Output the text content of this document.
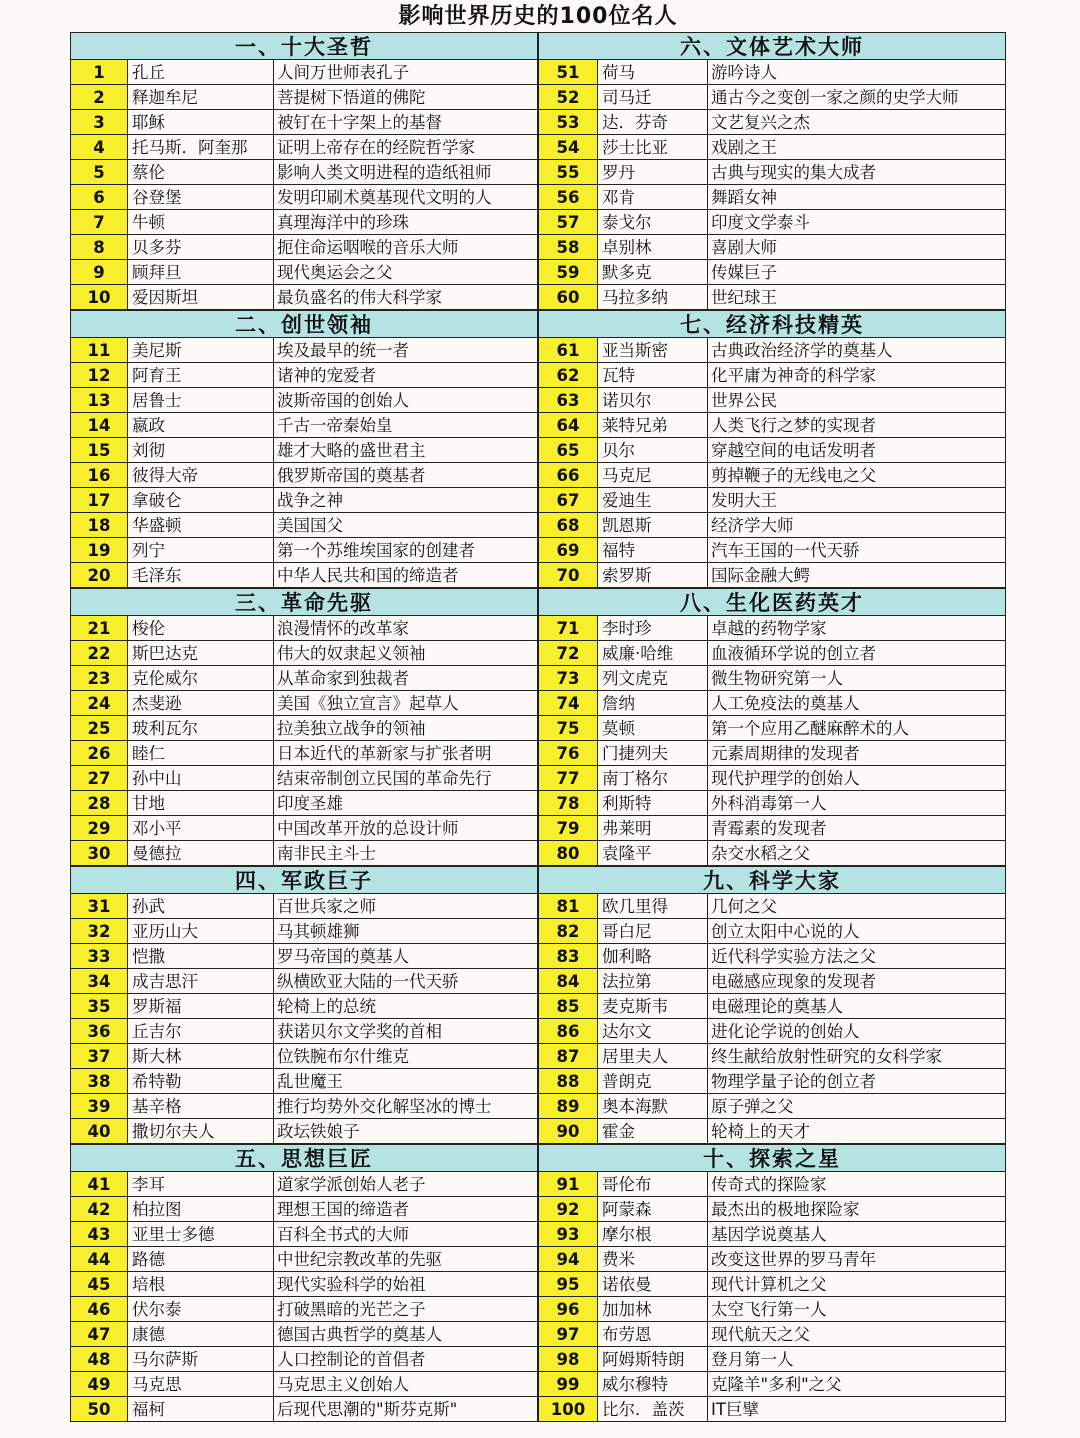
影响世界历史的100位名人
一、十大圣哲
1	孔丘	人间万世师表孔子
2	释迦牟尼	菩提树下悟道的佛陀
3	耶稣	被钉在十字架上的基督
4	托马斯．阿奎那	证明上帝存在的经院哲学家
5	蔡伦	影响人类文明进程的造纸祖师
6	谷登堡	发明印刷术奠基现代文明的人
7	牛顿	真理海洋中的珍珠
8	贝多芬	扼住命运咽喉的音乐大师
9	顾拜旦	现代奥运会之父
10	爱因斯坦	最负盛名的伟大科学家
二、创世领袖
11	美尼斯	埃及最早的统一者
12	阿育王	诸神的宠爱者
13	居鲁士	波斯帝国的创始人
14	嬴政	千古一帝秦始皇
15	刘彻	雄才大略的盛世君主
16	彼得大帝	俄罗斯帝国的奠基者
17	拿破仑	战争之神
18	华盛顿	美国国父
19	列宁	第一个苏维埃国家的创建者
20	毛泽东	中华人民共和国的缔造者
三、革命先驱
21	梭伦	浪漫情怀的改革家
22	斯巴达克	伟大的奴隶起义领袖
23	克伦威尔	从革命家到独裁者
24	杰斐逊	美国《独立宣言》起草人
25	玻利瓦尔	拉美独立战争的领袖
26	睦仁	日本近代的革新家与扩张者明
27	孙中山	结束帝制创立民国的革命先行
28	甘地	印度圣雄
29	邓小平	中国改革开放的总设计师
30	曼德拉	南非民主斗士
四、军政巨子
31	孙武	百世兵家之师
32	亚历山大	马其顿雄狮
33	恺撒	罗马帝国的奠基人
34	成吉思汗	纵横欧亚大陆的一代天骄
35	罗斯福	轮椅上的总统
36	丘吉尔	获诺贝尔文学奖的首相
37	斯大林	位铁腕布尔什维克
38	希特勒	乱世魔王
39	基辛格	推行均势外交化解坚冰的博士
40	撒切尔夫人	政坛铁娘子
五、思想巨匠
41	李耳	道家学派创始人老子
42	柏拉图	理想王国的缔造者
43	亚里士多德	百科全书式的大师
44	路德	中世纪宗教改革的先驱
45	培根	现代实验科学的始祖
46	伏尔泰	打破黑暗的光芒之子
47	康德	德国古典哲学的奠基人
48	马尔萨斯	人口控制论的首倡者
49	马克思	马克思主义创始人
50	福柯	后现代思潮的"斯芬克斯"
六、文体艺术大师
51	荷马	游吟诗人
52	司马迁	通古今之变创一家之颜的史学大师
53	达．芬奇	文艺复兴之杰
54	莎士比亚	戏剧之王
55	罗丹	古典与现实的集大成者
56	邓肯	舞蹈女神
57	泰戈尔	印度文学泰斗
58	卓别林	喜剧大师
59	默多克	传媒巨子
60	马拉多纳	世纪球王
七、经济科技精英
61	亚当斯密	古典政治经济学的奠基人
62	瓦特	化平庸为神奇的科学家
63	诺贝尔	世界公民
64	莱特兄弟	人类飞行之梦的实现者
65	贝尔	穿越空间的电话发明者
66	马克尼	剪掉鞭子的无线电之父
67	爱迪生	发明大王
68	凯恩斯	经济学大师
69	福特	汽车王国的一代天骄
70	索罗斯	国际金融大鳄
八、生化医药英才
71	李时珍	卓越的药物学家
72	威廉·哈维	血液循环学说的创立者
73	列文虎克	微生物研究第一人
74	詹纳	人工免疫法的奠基人
75	莫顿	第一个应用乙醚麻醉术的人
76	门捷列夫	元素周期律的发现者
77	南丁格尔	现代护理学的创始人
78	利斯特	外科消毒第一人
79	弗莱明	青霉素的发现者
80	袁隆平	杂交水稻之父
九、科学大家
81	欧几里得	几何之父
82	哥白尼	创立太阳中心说的人
83	伽利略	近代科学实验方法之父
84	法拉第	电磁感应现象的发现者
85	麦克斯韦	电磁理论的奠基人
86	达尔文	进化论学说的创始人
87	居里夫人	终生献给放射性研究的女科学家
88	普朗克	物理学量子论的创立者
89	奥本海默	原子弹之父
90	霍金	轮椅上的天才
十、探索之星
91	哥伦布	传奇式的探险家
92	阿蒙森	最杰出的极地探险家
93	摩尔根	基因学说奠基人
94	费米	改变这世界的罗马青年
95	诺依曼	现代计算机之父
96	加加林	太空飞行第一人
97	布劳恩	现代航天之父
98	阿姆斯特朗	登月第一人
99	威尔穆特	克隆羊"多利"之父
100	比尔．盖茨	IT巨擘
